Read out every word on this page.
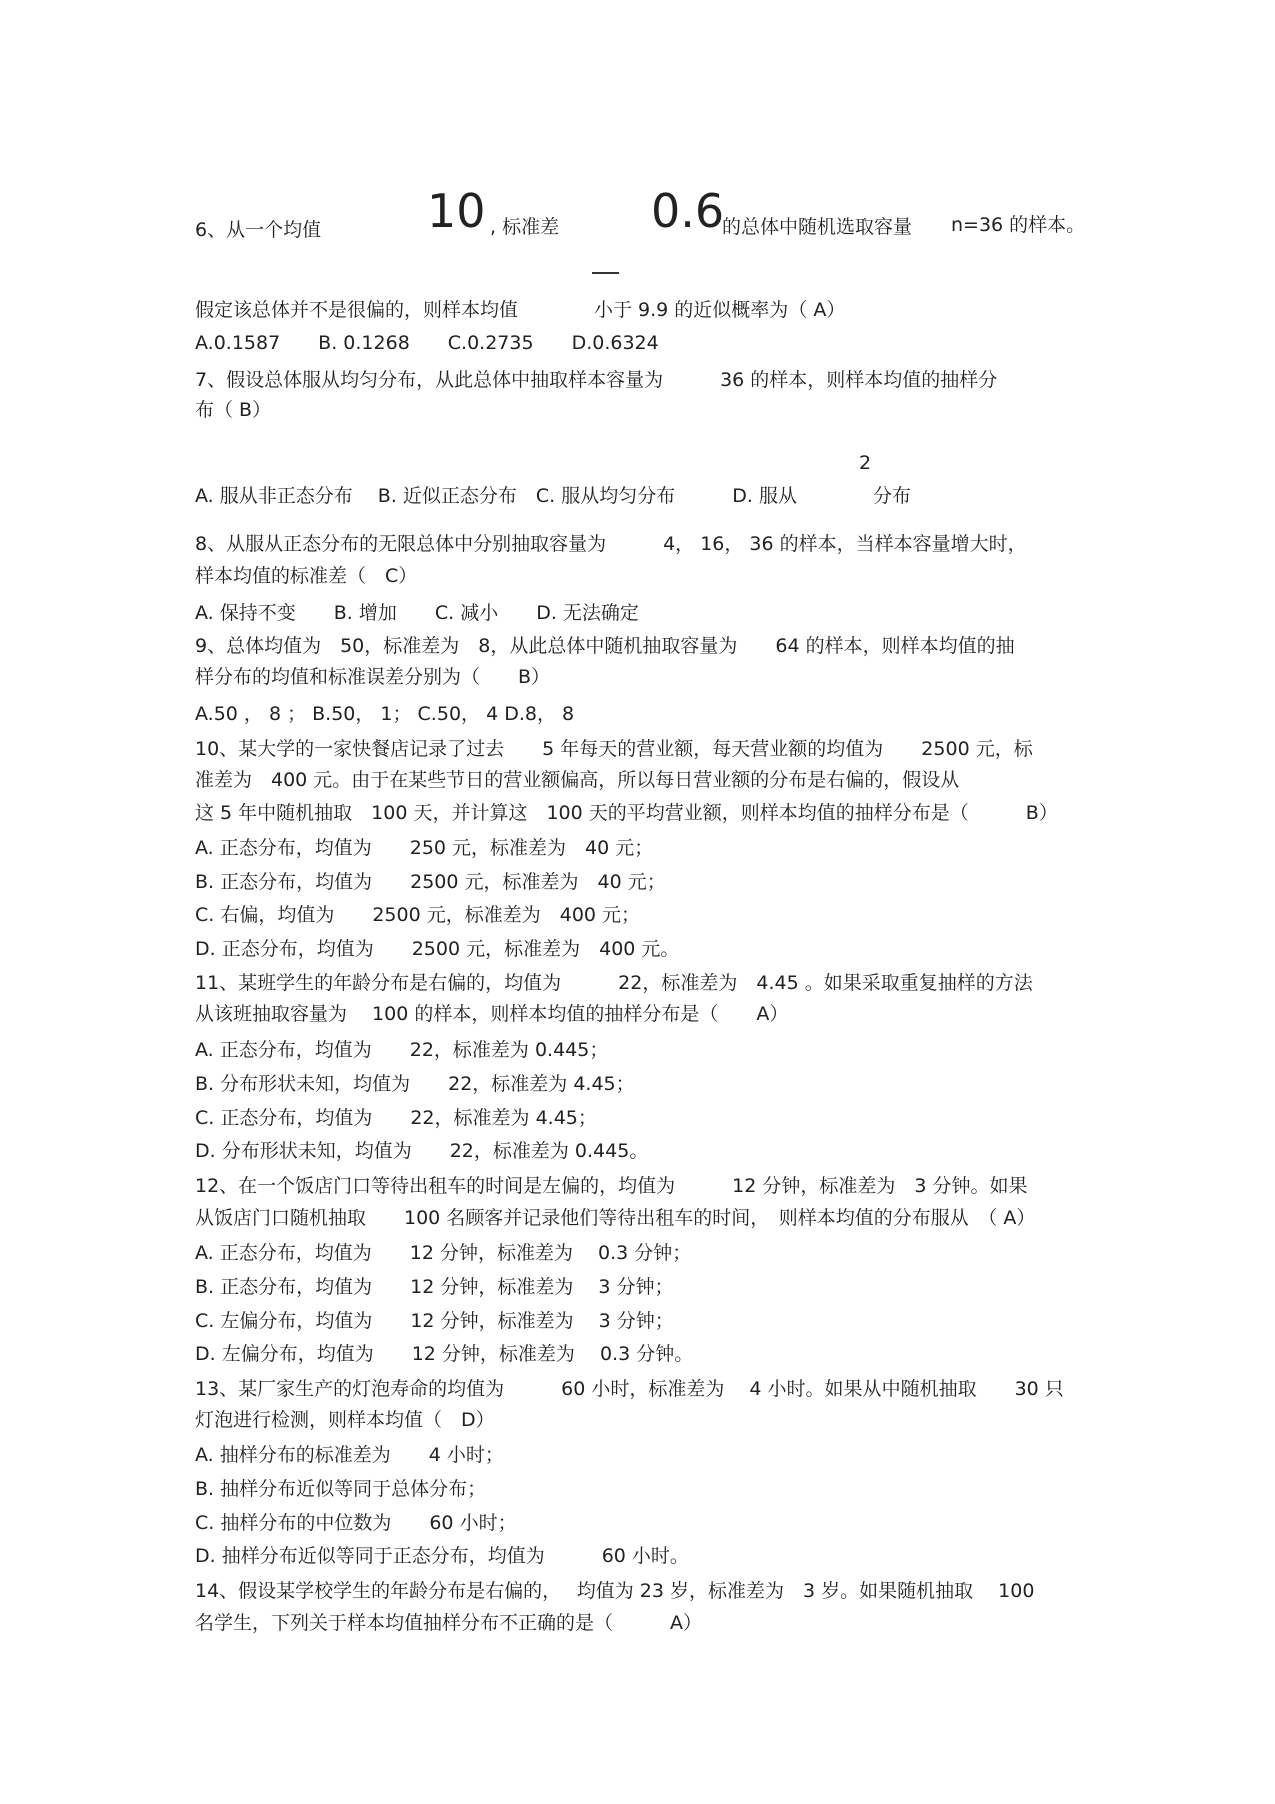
6、从一个均值 10 , 标准差 0.6
的总体中随机选取容量 n=36 的样本。
假定该总体并不是很偏的，则样本均值　　　　小于 9.9 的近似概率为（ A）
A.0.1587　　B. 0.1268　　C.0.2735　　D.0.6324
7、假设总体服从均匀分布，从此总体中抽取样本容量为　　　36 的样本，则样本均值的抽样分
布（ B）
2
A. 服从非正态分布　 B. 近似正态分布　C. 服从均匀分布　　　D. 服从　　　　分布
8、从服从正态分布的无限总体中分别抽取容量为　　　4， 16， 36 的样本，当样本容量增大时，
样本均值的标准差（　C）
A. 保持不变　　B. 增加　　C. 减小　　D. 无法确定
9、总体均值为　50，标准差为　8，从此总体中随机抽取容量为　　64 的样本，则样本均值的抽
样分布的均值和标准误差分别为（　　B）
A.50 ， 8 ； B.50， 1； C.50， 4 D.8， 8
10、某大学的一家快餐店记录了过去　　5 年每天的营业额，每天营业额的均值为　　2500 元，标
准差为　400 元。由于在某些节日的营业额偏高，所以每日营业额的分布是右偏的，假设从
这 5 年中随机抽取　100 天，并计算这　100 天的平均营业额，则样本均值的抽样分布是（　　　B）
A. 正态分布，均值为　　250 元，标准差为　40 元；
B. 正态分布，均值为　　2500 元，标准差为　40 元；
C. 右偏，均值为　　2500 元，标准差为　400 元；
D. 正态分布，均值为　　2500 元，标准差为　400 元。
11、某班学生的年龄分布是右偏的，均值为　　　22，标准差为　4.45 。如果采取重复抽样的方法
从该班抽取容量为　 100 的样本，则样本均值的抽样分布是（　　A）
A. 正态分布，均值为　　22，标准差为 0.445；
B. 分布形状未知，均值为　　22，标准差为 4.45；
C. 正态分布，均值为　　22，标准差为 4.45；
D. 分布形状未知，均值为　　22，标准差为 0.445。
12、在一个饭店门口等待出租车的时间是左偏的，均值为　　　12 分钟，标准差为　3 分钟。如果
从饭店门口随机抽取　　100 名顾客并记录他们等待出租车的时间，　则样本均值的分布服从　（ A）
A. 正态分布，均值为　　12 分钟，标准差为　 0.3 分钟；
B. 正态分布，均值为　　12 分钟，标准差为　 3 分钟；
C. 左偏分布，均值为　　12 分钟，标准差为　 3 分钟；
D. 左偏分布，均值为　　12 分钟，标准差为　 0.3 分钟。
13、某厂家生产的灯泡寿命的均值为　　　60 小时，标准差为　 4 小时。如果从中随机抽取　　30 只
灯泡进行检测，则样本均值（　D）
A. 抽样分布的标准差为　　4 小时；
B. 抽样分布近似等同于总体分布；
C. 抽样分布的中位数为　　60 小时；
D. 抽样分布近似等同于正态分布，均值为　　　60 小时。
14、假设某学校学生的年龄分布是右偏的，　 均值为 23 岁，标准差为　3 岁。如果随机抽取　 100
名学生，下列关于样本均值抽样分布不正确的是（　　　A）
